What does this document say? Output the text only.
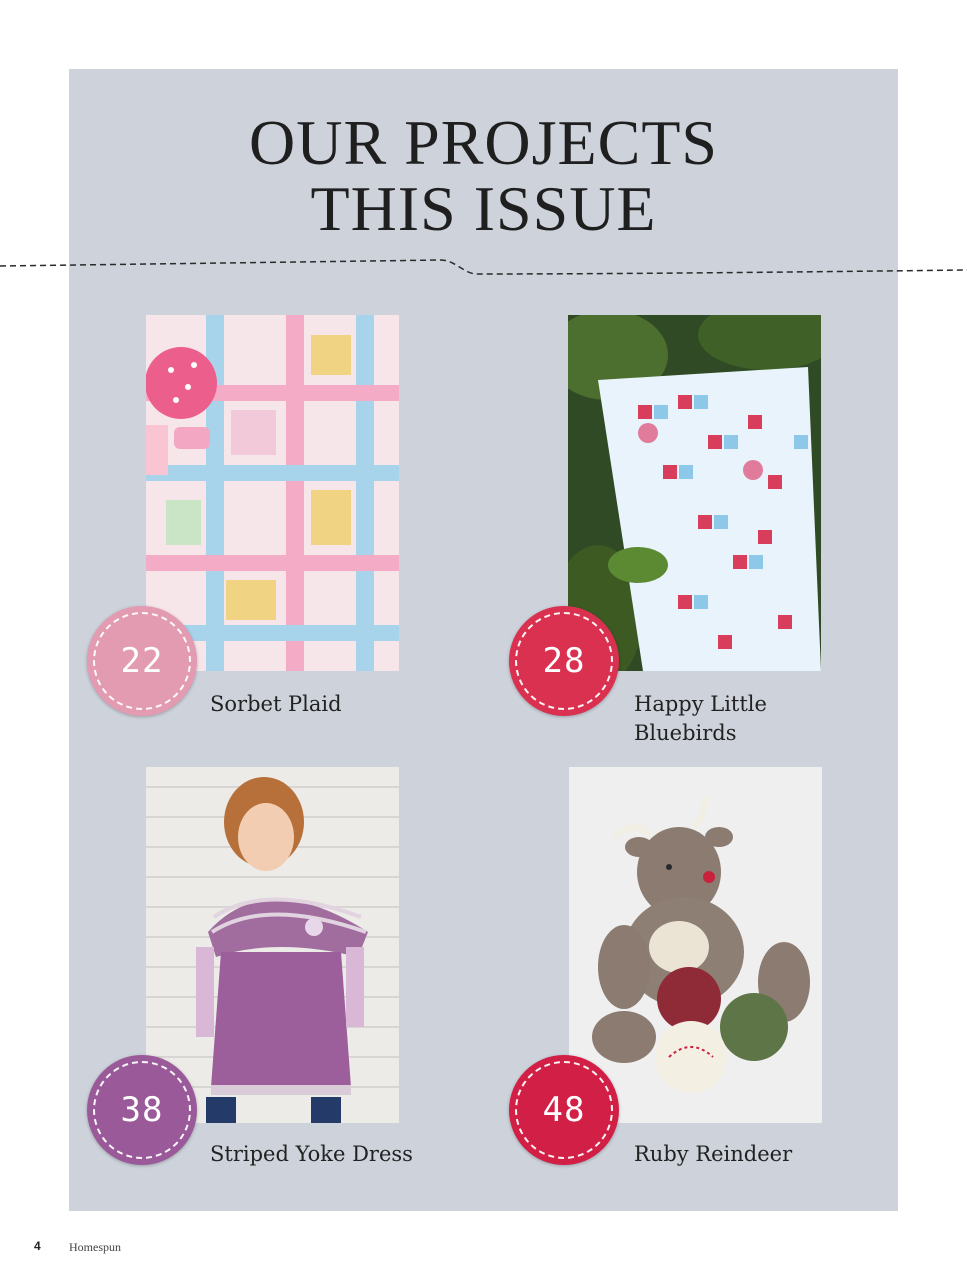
OUR PROJECTS
THIS ISSUE
22
Sorbet Plaid
28
Happy Little Bluebirds
38
Striped Yoke Dress
48
Ruby Reindeer
4 Homespun
